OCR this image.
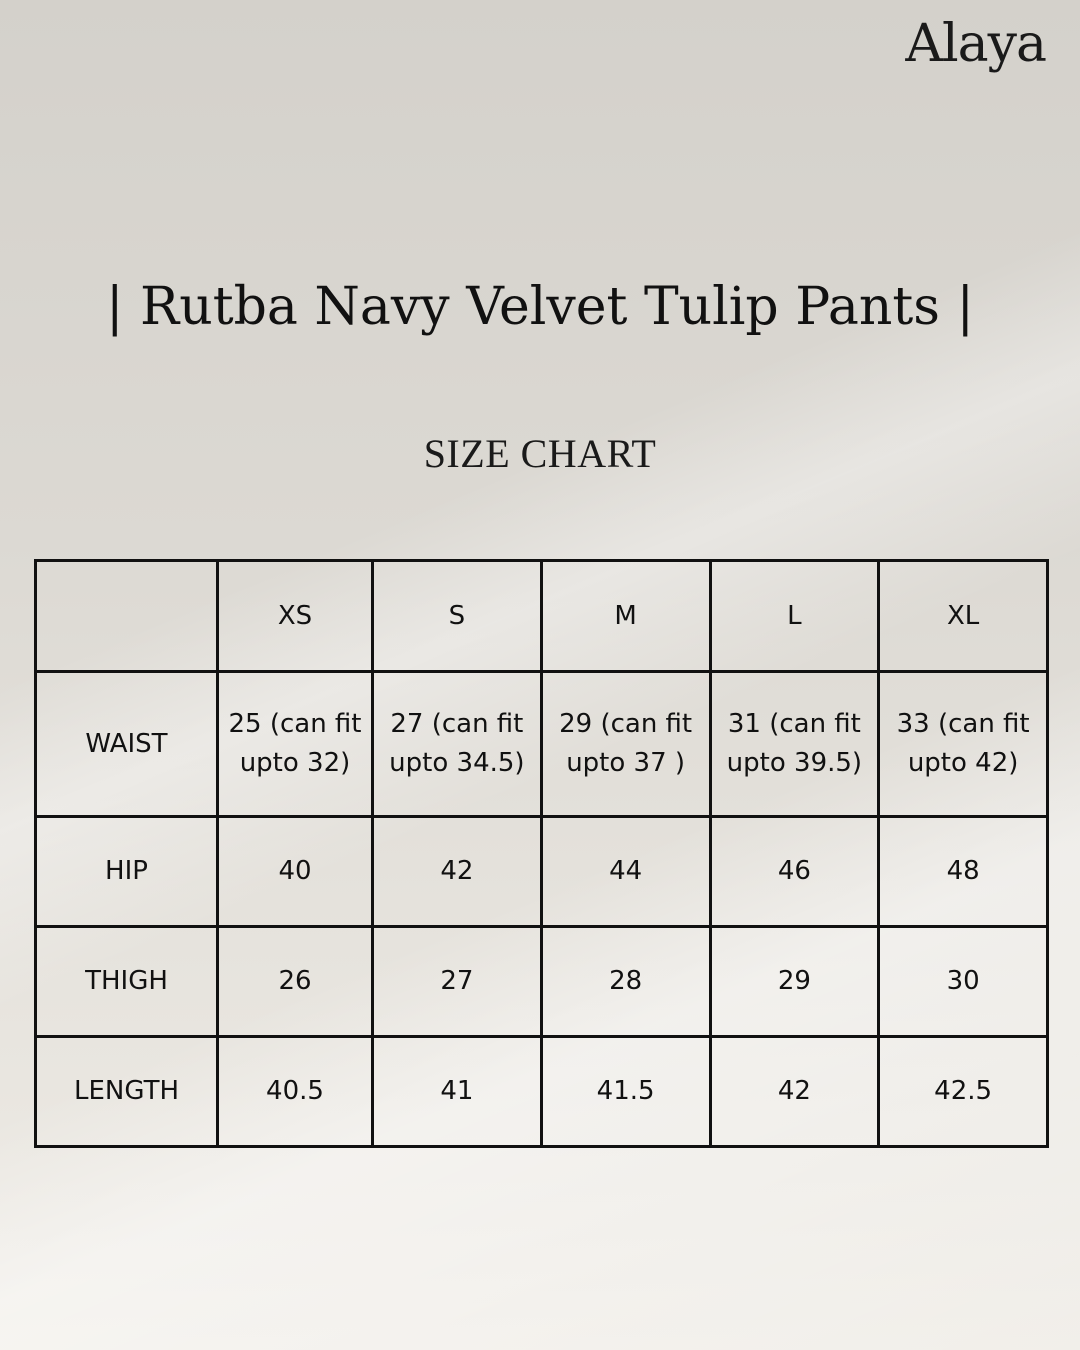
Alaya
| Rutba Navy Velvet Tulip Pants |
SIZE CHART
	XS	S	M	L	XL
WAIST	25 (can fit upto 32)	27 (can fit upto 34.5)	29 (can fit upto 37 )	31 (can fit upto 39.5)	33 (can fit upto 42)
HIP	40	42	44	46	48
THIGH	26	27	28	29	30
LENGTH	40.5	41	41.5	42	42.5
